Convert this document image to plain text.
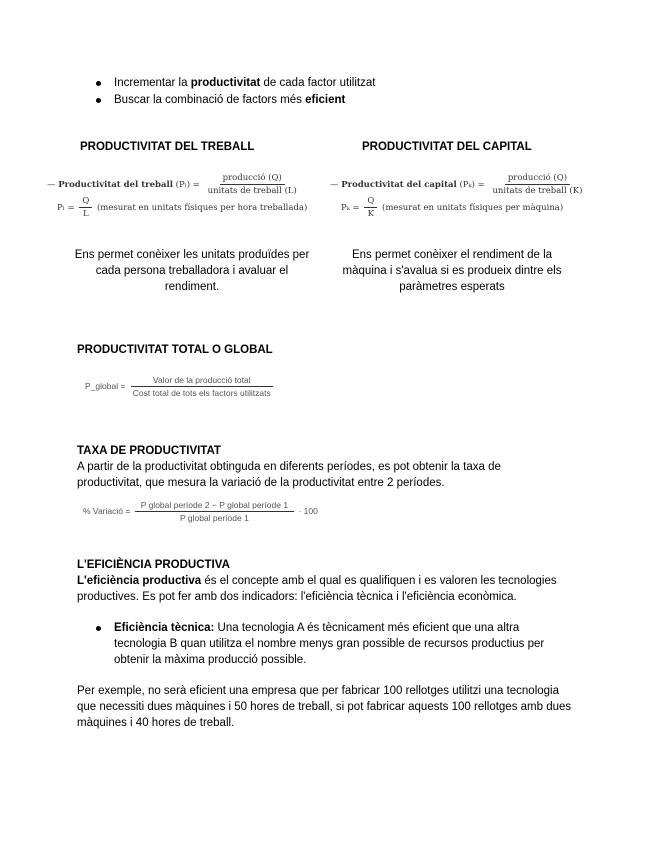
Incrementar la productivitat de cada factor utilitzat
Buscar la combinació de factors més eficient
PRODUCTIVITAT DEL TREBALL
— Productivitat del treball $(P_l) = \frac{\text{producció (Q)}}{\text{unitats de treball (L)}}$
$P_l = \frac{Q}{L}$ (mesurat en unitats físiques per hora treballada)
Ens permet conèixer les unitats produïdes per cada persona treballadora i avaluar el rendiment.
PRODUCTIVITAT DEL CAPITAL
— Productivitat del capital $(P_k) = \frac{\text{producció (Q)}}{\text{unitats de treball (K)}}$
$P_k = \frac{Q}{K}$ (mesurat en unitats físiques per màquina)
Ens permet conèixer el rendiment de la màquina i s'avalua si es produeix dintre els paràmetres esperats
PRODUCTIVITAT TOTAL O GLOBAL
P_global = $\frac{\text{Valor de la producció total}}{\text{Cost total de tots els factors utilitzats}}$
TAXA DE PRODUCTIVITAT
A partir de la productivitat obtinguda en diferents períodes, es pot obtenir la taxa de productivitat, que mesura la variació de la productivitat entre 2 períodes.
% Variació = $\frac{\text{P global període 2 − P global període 1}}{\text{P global període 1}} \cdot 100$
L'EFICIÈNCIA PRODUCTIVA
L'eficiència productiva és el concepte amb el qual es qualifiquen i es valoren les tecnologies productives. Es pot fer amb dos indicadors: l'eficiència tècnica i l'eficiència econòmica.
Eficiència tècnica: Una tecnologia A és tècnicament més eficient que una altra tecnologia B quan utilitza el nombre menys gran possible de recursos productius per obtenir la màxima producció possible.
Per exemple, no serà eficient una empresa que per fabricar 100 rellotges utilitzi una tecnologia que necessiti dues màquines i 50 hores de treball, si pot fabricar aquests 100 rellotges amb dues màquines i 40 hores de treball.
